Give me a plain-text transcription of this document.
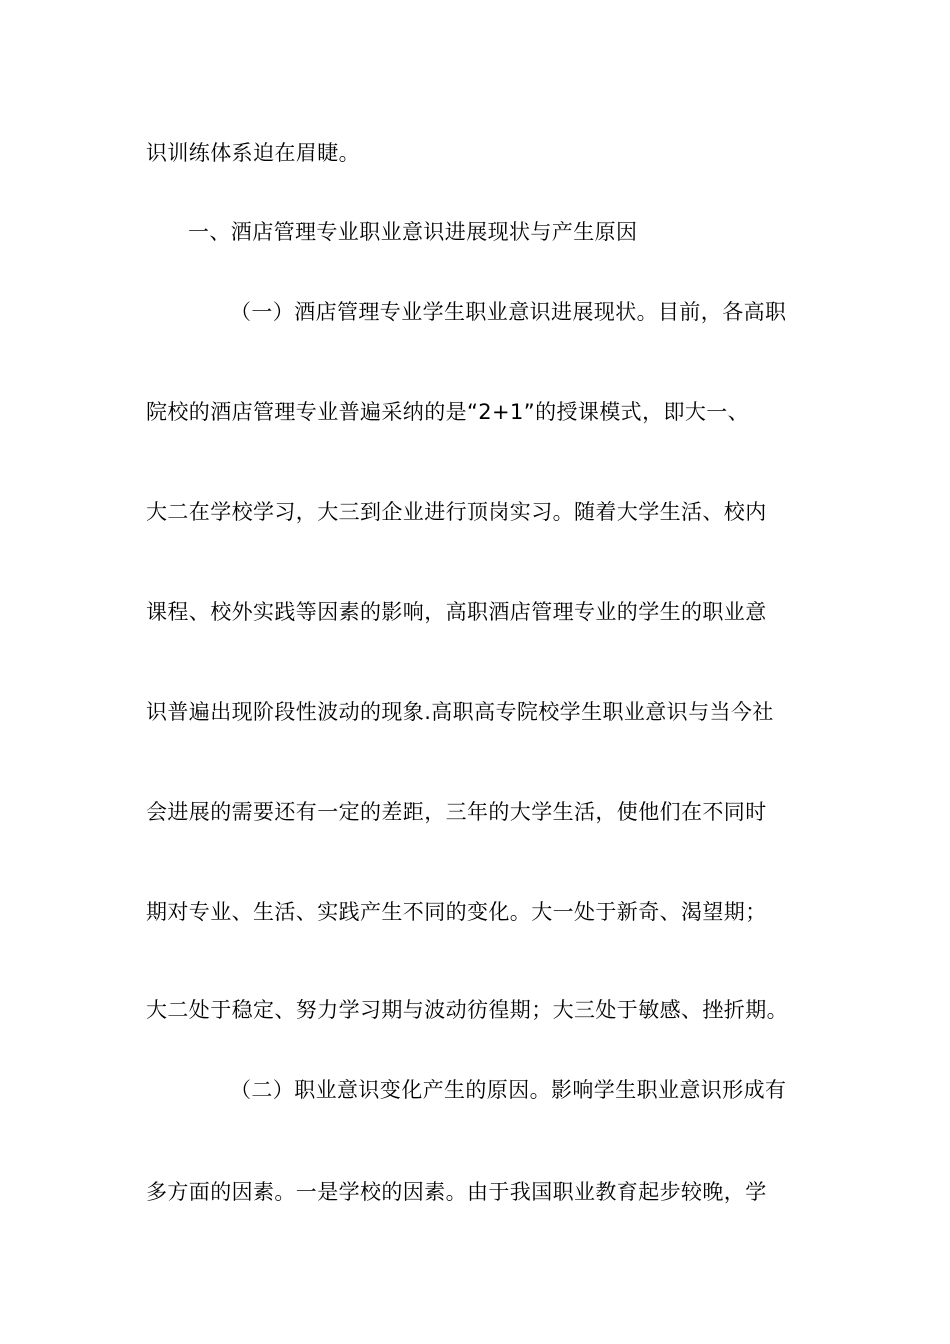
识训练体系迫在眉睫。
一、酒店管理专业职业意识进展现状与产生原因
（一）酒店管理专业学生职业意识进展现状。目前，各高职
院校的酒店管理专业普遍采纳的是“2+1”的授课模式，即大一、
大二在学校学习，大三到企业进行顶岗实习。随着大学生活、校内
课程、校外实践等因素的影响，高职酒店管理专业的学生的职业意
识普遍出现阶段性波动的现象.高职高专院校学生职业意识与当今社
会进展的需要还有一定的差距，三年的大学生活，使他们在不同时
期对专业、生活、实践产生不同的变化。大一处于新奇、渴望期；
大二处于稳定、努力学习期与波动彷徨期；大三处于敏感、挫折期。
（二）职业意识变化产生的原因。影响学生职业意识形成有
多方面的因素。一是学校的因素。由于我国职业教育起步较晚，学
